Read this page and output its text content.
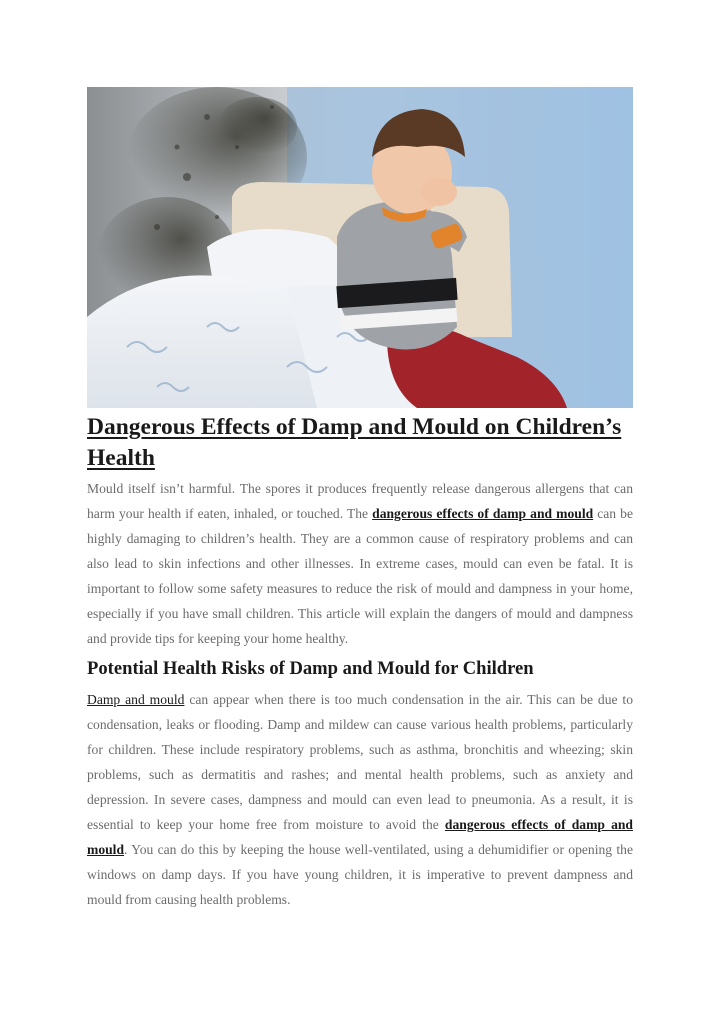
Dangerous Effects of Damp and Mould on Children’s Health

Mould itself isn’t harmful. The spores it produces frequently release dangerous allergens that can harm your health if eaten, inhaled, or touched. The dangerous effects of damp and mould can be highly damaging to children’s health. They are a common cause of respiratory problems and can also lead to skin infections and other illnesses. In extreme cases, mould can even be fatal. It is important to follow some safety measures to reduce the risk of mould and dampness in your home, especially if you have small children. This article will explain the dangers of mould and dampness and provide tips for keeping your home healthy.

Potential Health Risks of Damp and Mould for Children

Damp and mould can appear when there is too much condensation in the air. This can be due to condensation, leaks or flooding. Damp and mildew can cause various health problems, particularly for children. These include respiratory problems, such as asthma, bronchitis and wheezing; skin problems, such as dermatitis and rashes; and mental health problems, such as anxiety and depression. In severe cases, dampness and mould can even lead to pneumonia. As a result, it is essential to keep your home free from moisture to avoid the dangerous effects of damp and mould. You can do this by keeping the house well-ventilated, using a dehumidifier or opening the windows on damp days. If you have young children, it is imperative to prevent dampness and mould from causing health problems.
